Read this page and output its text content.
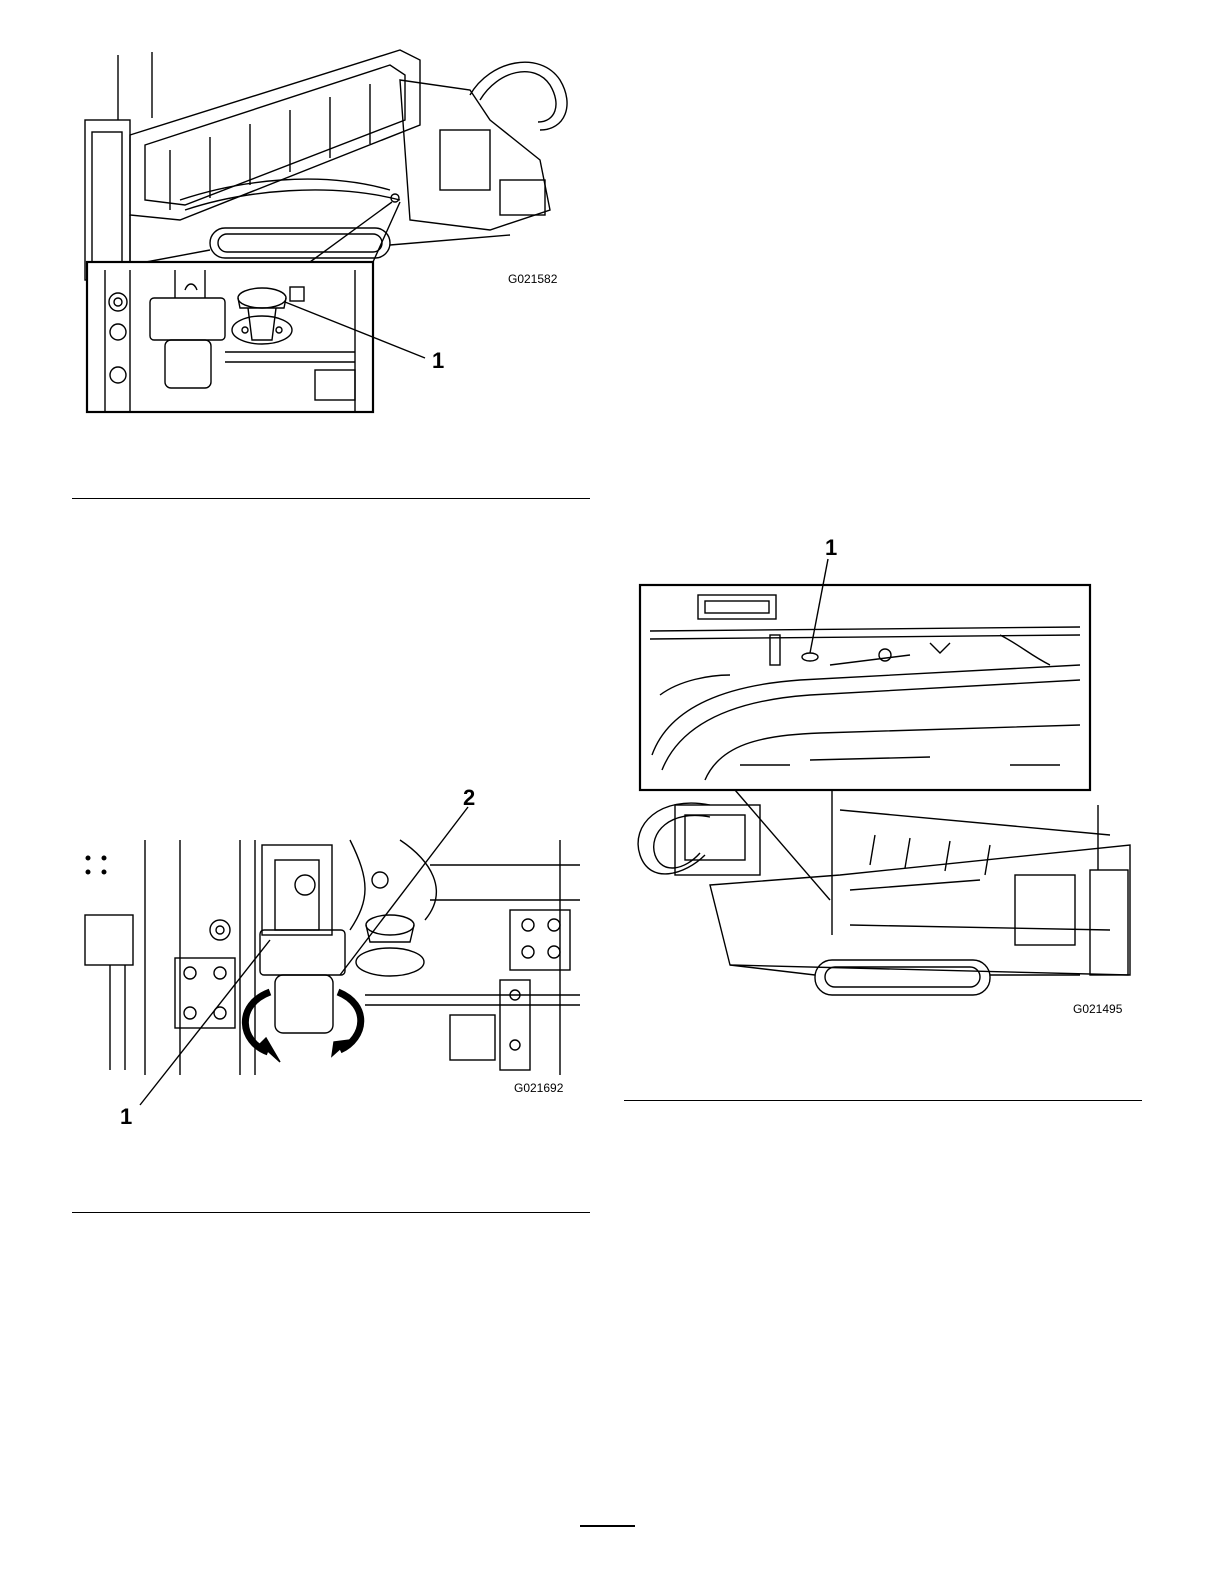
G021582
1
G021692
1
2
G021495
1
